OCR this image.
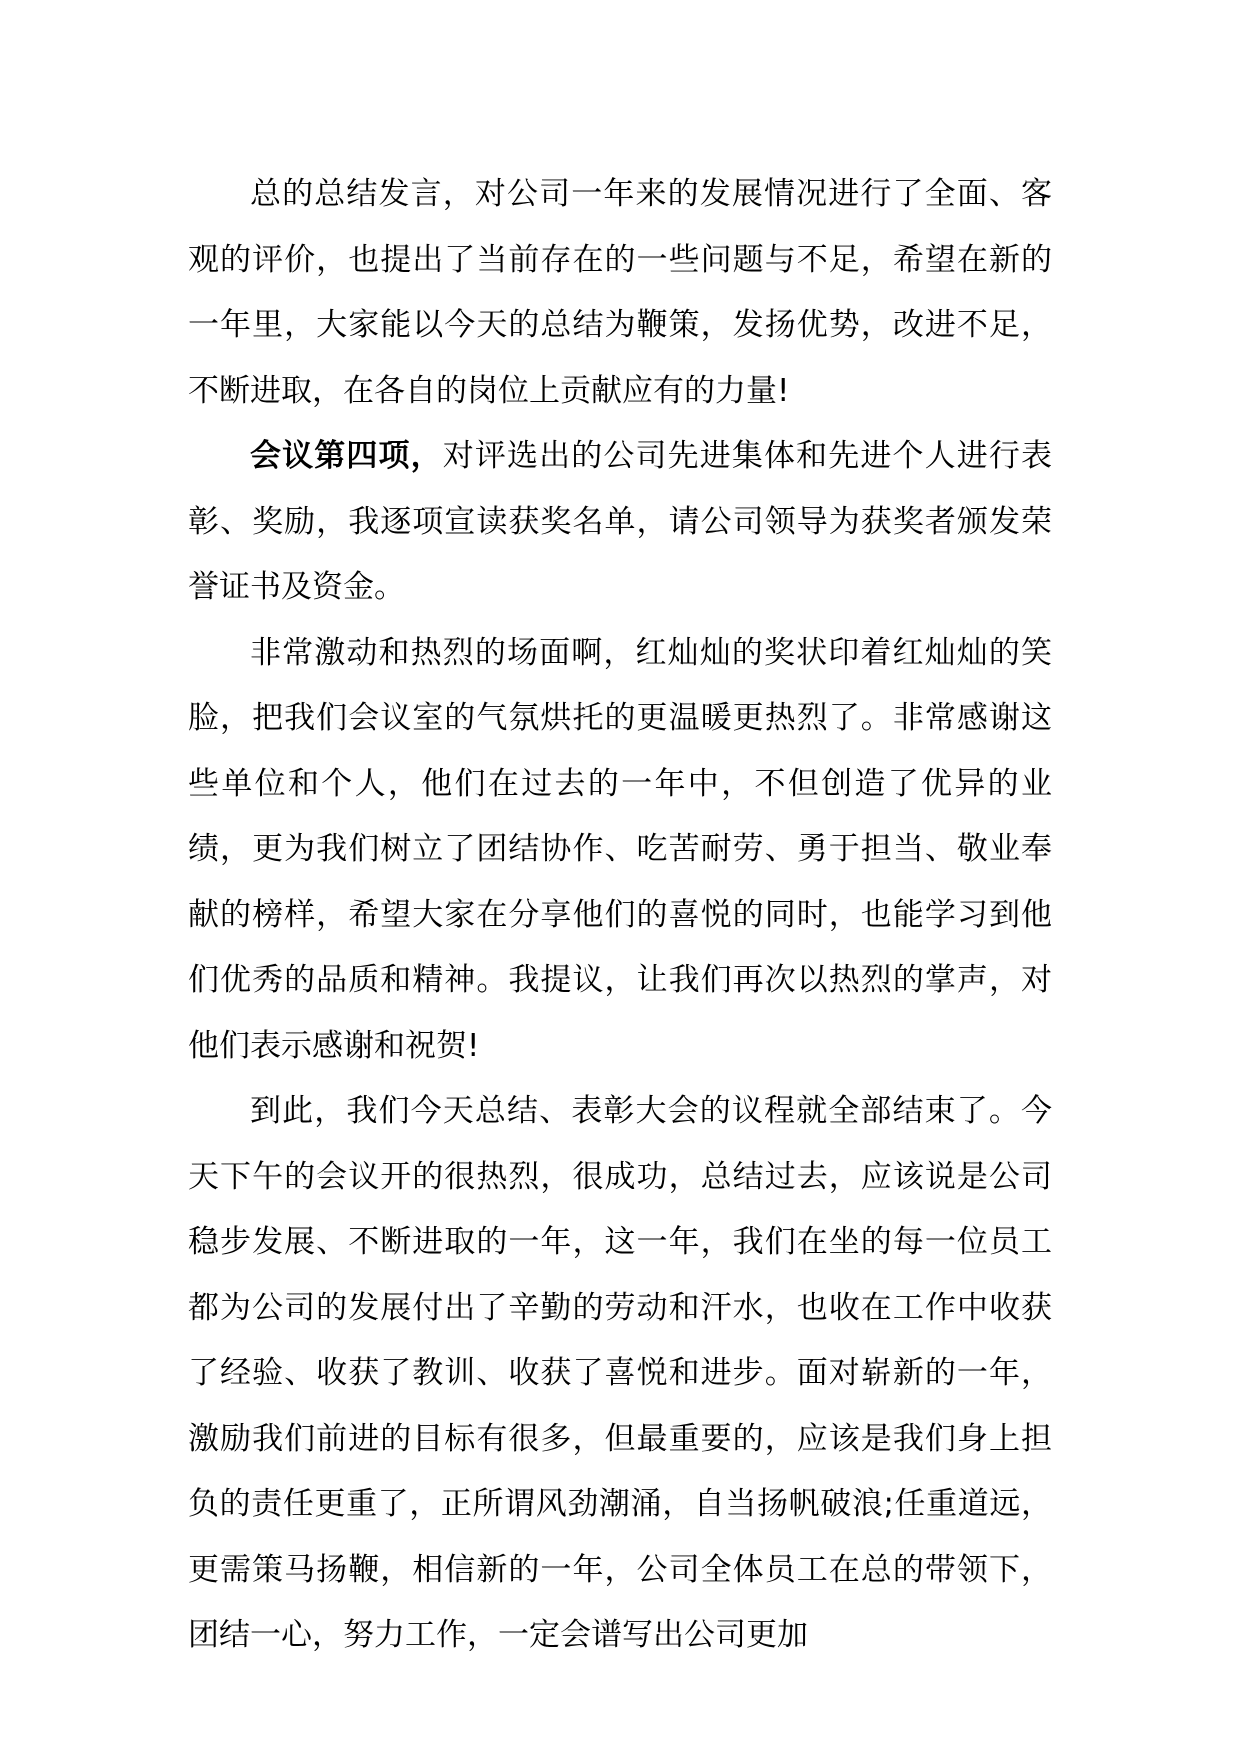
总的总结发言，对公司一年来的发展情况进行了全面、客观的评价，也提出了当前存在的一些问题与不足，希望在新的一年里，大家能以今天的总结为鞭策，发扬优势，改进不足，不断进取，在各自的岗位上贡献应有的力量!

会议第四项，对评选出的公司先进集体和先进个人进行表彰、奖励，我逐项宣读获奖名单，请公司领导为获奖者颁发荣誉证书及资金。

非常激动和热烈的场面啊，红灿灿的奖状印着红灿灿的笑脸，把我们会议室的气氛烘托的更温暖更热烈了。非常感谢这些单位和个人，他们在过去的一年中，不但创造了优异的业绩，更为我们树立了团结协作、吃苦耐劳、勇于担当、敬业奉献的榜样，希望大家在分享他们的喜悦的同时，也能学习到他们优秀的品质和精神。我提议，让我们再次以热烈的掌声，对他们表示感谢和祝贺!

到此，我们今天总结、表彰大会的议程就全部结束了。今天下午的会议开的很热烈，很成功，总结过去，应该说是公司稳步发展、不断进取的一年，这一年，我们在坐的每一位员工都为公司的发展付出了辛勤的劳动和汗水，也收在工作中收获了经验、收获了教训、收获了喜悦和进步。面对崭新的一年，激励我们前进的目标有很多，但最重要的，应该是我们身上担负的责任更重了，正所谓风劲潮涌，自当扬帆破浪;任重道远，更需策马扬鞭，相信新的一年，公司全体员工在总的带领下，团结一心，努力工作，一定会谱写出公司更加
